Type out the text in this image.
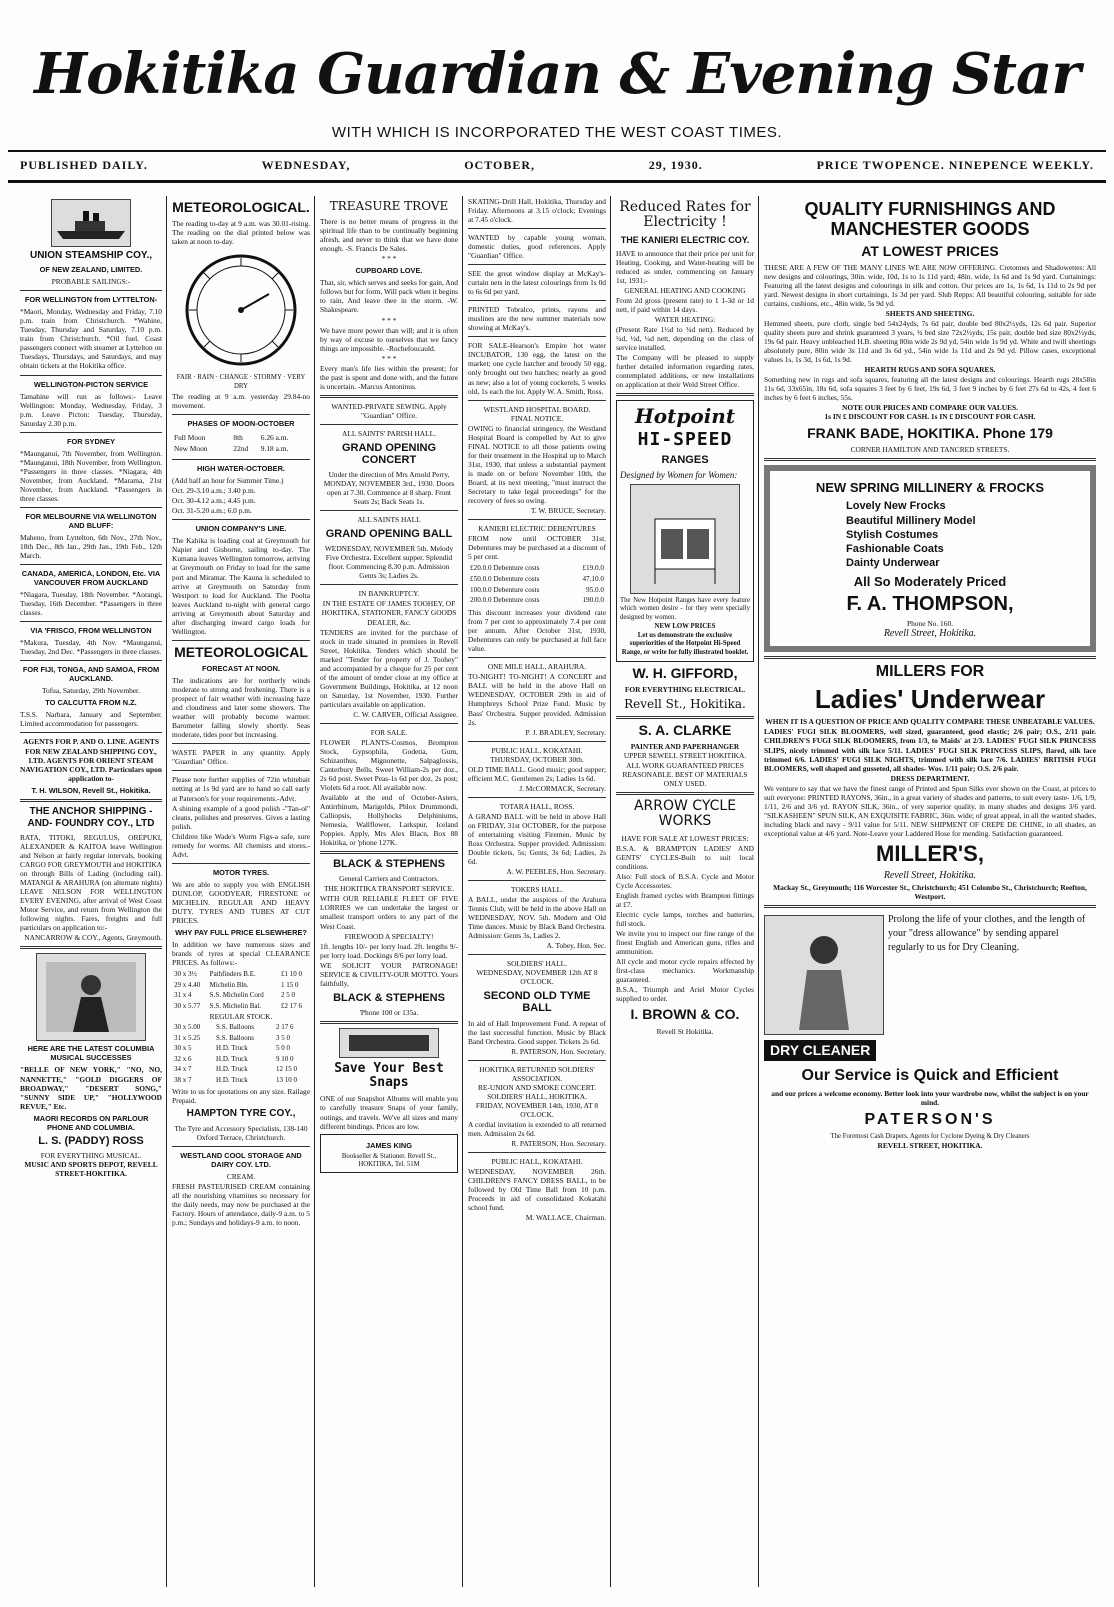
Hokitika Guardian & Evening Star
WITH WHICH IS INCORPORATED THE WEST COAST TIMES.
PUBLISHED DAILY.	WEDNESDAY,	OCTOBER,	29, 1930.	PRICE TWOPENCE. NINEPENCE WEEKLY.
UNION STEAMSHIP COY.,
OF NEW ZEALAND, LIMITED.
PROBABLE SAILINGS:-
FOR WELLINGTON from LYTTELTON-

*Maori, Monday, Wednesday and Friday, 7.10 p.m. train from Christchurch. *Wahine, Tuesday, Thursday and Saturday, 7.10 p.m. train from Christchurch. *Oil fuel. Coast passengers connect with steamer at Lyttelton on Tuesdays, Thursdays, and Saturdays, and may obtain tickets at the Hokitika office.

WELLINGTON-PICTON SERVICE

Tamahine will run as follows:- Leave Wellington: Monday, Wednesday, Friday, 3 p.m. Leave Picton: Tuesday, Thursday, Saturday 2.30 p.m.

FOR SYDNEY

*Maunganui, 7th November, from Wellington. *Maunganui, 18th November, from Wellington. *Passengers in three classes. *Niagara, 4th November, from Auckland. *Marama, 21st November, from Auckland. *Passengers in three classes.

FOR MELBOURNE VIA WELLINGTON AND BLUFF:

Maheno, from Lyttelton, 6th Nov., 27th Nov., 18th Dec., 8th Jan., 29th Jan., 19th Feb., 12th March.

CANADA, AMERICA, LONDON, Etc. VIA VANCOUVER FROM AUCKLAND

*Niagara, Tuesday, 18th November. *Aorangi, Tuesday, 16th December. *Passengers in three classes.

VIA 'FRISCO, FROM WELLINGTON

*Makura, Tuesday, 4th Nov. *Maunganui, Tuesday, 2nd Dec. *Passengers in three classes.

FOR FIJI, TONGA, AND SAMOA, FROM AUCKLAND.

Tofua, Saturday, 29th November.

TO CALCUTTA FROM N.Z.

T.S.S. Narbara, January and September. Limited accommodation for passengers.

AGENTS FOR P. AND O. LINE. AGENTS FOR NEW ZEALAND SHIPPING COY., LTD. AGENTS FOR ORIENT STEAM NAVIGATION COY., LTD. Particulars upon application to-

T. H. WILSON, Revell St., Hokitika.
THE ANCHOR SHIPPING -AND- FOUNDRY COY., LTD

RATA, TITOKI, REGULUS, OREPUKI, ALEXANDER & KAITOA leave Wellington and Nelson at fairly regular intervals, booking CARGO FOR GREYMOUTH and HOKITIKA on through Bills of Lading (including rail). MATANGI & ARAHURA (on alternate nights) LEAVE NELSON FOR WELLINGTON EVERY EVENING, after arrival of West Coast Motor Service, and return from Wellington the following nights. Fares, freights and full particulars on application to:-

NANCARROW & COY., Agents, Greymouth.

HERE ARE THE LATEST COLUMBIA MUSICAL SUCCESSES

"BELLE OF NEW YORK," "NO, NO, NANNETTE," "GOLD DIGGERS OF BROADWAY," "DESERT SONG," "SUNNY SIDE UP," "HOLLYWOOD REVUE," Etc.

MAORI RECORDS ON PARLOUR PHONE AND COLUMBIA.
L. S. (PADDY) ROSS
FOR EVERYTHING MUSICAL.
MUSIC AND SPORTS DEPOT, REVELL STREET-HOKITIKA.
METEOROLOGICAL.

The reading to-day at 9 a.m. was 30.01-rising. The reading on the dial printed below was taken at noon to-day.

FAIR · RAIN · CHANGE · STORMY · VERY DRY

The reading at 9 a.m. yesterday 29.84-no movement.

PHASES OF MOON-OCTOBER
Full Moon	8th	6.26 a.m.
New Moon	22nd	9.18 a.m.
HIGH WATER-OCTOBER.

(Add half an hour for Summer Time.)

Oct. 29-3.10 a.m.; 3.40 p.m.

Oct. 30-4.12 a.m.; 4.45 p.m.

Oct. 31-5.20 a.m.; 6.0 p.m.

UNION COMPANY'S LINE.

The Kahika is loading coal at Greymouth for Napier and Gisborne, sailing to-day. The Kumana leaves Wellington tomorrow, arriving at Greymouth on Friday to load for the same port and Miramar. The Kauna is scheduled to arrive at Greymouth on Saturday from Westport to load for Auckland. The Poolta leaves Auckland to-night with general cargo arriving at Greymouth about Saturday and after discharging inward cargo loads for Wellington.

METEOROLOGICAL
FORECAST AT NOON.

The indications are for northerly winds moderate to strong and freshening. There is a prospect of fair weather with increasing haze and cloudiness and later some showers. The weather will probably become warmer. Barometer falling slowly shortly. Seas moderate, tides poor but increasing.

WASTE PAPER in any quantity. Apply "Guardian" Office.

Please note further supplies of 72in whitebait netting at 1s 9d yard are to hand so call early at Paterson's for your requirements.-Advt.

A shining example of a good polish -"Tan-ol" cleans, polishes and preserves. Gives a lasting polish.

Children like Wade's Worm Figs-a safe, sure remedy for worms. All chemists and stores.-Advt.

MOTOR TYRES.

We are able to supply you with ENGLISH DUNLOP, GOODYEAR, FIRESTONE or MICHELIN. REGULAR AND HEAVY DUTY. TYRES AND TUBES AT CUT PRICES.

WHY PAY FULL PRICE ELSEWHERE?

In addition we have numerous sizes and brands of tyres at special CLEARANCE PRICES. As follows:-

30 x 3½	Pathfinders B.E.	£1 10 0
29 x 4.40	Michelin Bln.	1 15 0
31 x 4	S.S. Michelin Cord	2 5 0
30 x 5.77	S.S. Michelin Bal.	£2 17 6
REGULAR STOCK.
30 x 5.00	S.S. Balloons	2 17 6
31 x 5.25	S.S. Balloons	3 5 0
30 x 5	H.D. Truck	5 0 0
32 x 6	H.D. Truck	9 10 0
34 x 7	H.D. Truck	12 15 0
38 x 7	H.D. Truck	13 10 0

Write to us for quotations on any size. Railage Prepaid.

HAMPTON TYRE COY.,

The Tyre and Accessory Specialists, 138-140 Oxford Terrace, Christchurch.

WESTLAND COOL STORAGE AND DAIRY COY. LTD.
CREAM.

FRESH PASTEURISED CREAM containing all the nourishing vitamines so necessary for the daily needs, may now be purchased at the Factory. Hours of attendance, daily-9 a.m. to 5 p.m.; Sundays and holidays-9 a.m. to noon.

TREASURE TROVE

There is no better means of progress in the spiritual life than to be continually beginning afresh, and never to think that we have done enough. -S. Francis De Sales.

* * *
CUPBOARD LOVE.

That, sir, which serves and seeks for gain, And follows but for form, Will pack when it begins to rain, And leave thee in the storm. -W. Shakespeare.

* * *

We have more power than will; and it is often by way of excuse to ourselves that we fancy things are impossible. -Rochefoucauld.

* * *

Every man's life lies within the present; for the past is spent and done with, and the future is uncertain. -Marcus Antoninus.

WANTED-PRIVATE SEWING. Apply "Guardian" Office.

ALL SAINTS' PARISH HALL.
GRAND OPENING CONCERT

Under the direction of Mrs Arnold Perry, MONDAY, NOVEMBER 3rd., 1930. Doors open at 7.30. Commence at 8 sharp. Front Seats 2s; Back Seats 1s.

ALL SAINTS HALL
GRAND OPENING BALL

WEDNESDAY, NOVEMBER 5th. Melody Five Orchestra. Excellent supper. Splendid floor. Commencing 8.30 p.m. Admission Gents 3s; Ladies 2s.

IN BANKRUPTCY.

IN THE ESTATE OF JAMES TOOHEY, OF HOKITIKA, STATIONER, FANCY GOODS DEALER, &c.

TENDERS are invited for the purchase of stock in trade situated in premises in Revell Street, Hokitika. Tenders which should be marked "Tender for property of J. Toohey" and accompanied by a cheque for 25 per cent of the amount of tender close at my office at Government Buildings, Hokitika, at 12 noon on Saturday, 1st November, 1930. Further particulars available on application.

C. W. CARVER, Official Assignee.

FOR SALE.

FLOWER PLANTS-Cosmos, Brompton Stock, Gypsophila, Godetia, Gum, Schizanthus, Mignonette, Salpaglossis, Canterbury Bells, Sweet William-2s per doz., 2s 6d post. Sweet Peas-1s 6d per doz, 2s post; Violets 6d a root. All available now.

Available at the end of October-Asters, Antirrhinum, Marigolds, Phlox Drummondi, Calliopsis, Hollyhocks Delphiniums, Nemesia, Wallflower, Larkspur, Iceland Poppies. Apply, Mrs Alex Blacn, Box 88 Hokitika, or 'phone 127K.

BLACK & STEPHENS

General Carriers and Contractors.

THE HOKITIKA TRANSPORT SERVICE.

WITH OUR RELIABLE FLEET OF FIVE LORRIES we can undertake the largest or smallest transport orders to any part of the West Coast.

FIREWOOD A SPECIALTY!

1ft. lengths 10/- per lorry load. 2ft. lengths 9/- per lorry load. Dockings 8/6 per lorry load.

WE SOLICIT YOUR PATRONAGE! SERVICE & CIVILITY-OUR MOTTO. Yours faithfully,

BLACK & STEPHENS

'Phone 100 or 135a.

Save Your Best Snaps

ONE of our Snapshot Albums will enable you to carefully treasure Snaps of your family, outings, and travels. We've all sizes and many different bindings. Prices are low.

JAMES KING
Bookseller & Stationer. Revell St., HOKITIKA, Tel. 51M

SKATING-Drill Hall, Hokitika, Thursday and Friday. Afternoons at 3.15 o'clock; Evenings at 7.45 o'clock.

WANTED by capable young woman, domestic duties, good references. Apply "Guardian" Office.

SEE the great window display at McKay's-curtain nets in the latest colourings from 1s 0d to 6s 6d per yard.

PRINTED Tobralco, prints, rayons and muslines are the new summer materials now showing at McKay's.

FOR SALE-Hearson's Empire hot water INCUBATOR, 130 egg, the latest on the market; one cycle hatcher and broody 50 egg, only brought out two hatches; nearly as good as new; also a lot of young cockerels, 5 weeks old, 1s each the lot. Apply W. A. Smith, Ross.

WESTLAND HOSPITAL BOARD.
FINAL NOTICE.

OWING to financial stringency, the Westland Hospital Board is compelled by Act to give FINAL NOTICE to all those patients owing for their treatment in the Hospital up to March 31st, 1930, that unless a substantial payment is made on or before November 10th, the Board, at its next meeting, "must instruct the Secretary to take legal proceedings" for the recovery of fees so owing.

T. W. BRUCE, Secretary.

KANIERI ELECTRIC DEBENTURES

FROM now until OCTOBER 31st. Debentures may be purchased at a discount of 5 per cent.

£20.0.0 Debenture costs	£19.0.0
£50.0.0 Debenture costs	47.10.0
100.0.0 Debenture costs	95.0.0
200.0.0 Debenture costs	190.0.0

This discount increases your dividend rate from 7 per cent to approximately 7.4 per cent per annum. After October 31st, 1930, Debentures can only be purchased at full face value.

ONE MILE HALL, ARAHURA.

TO-NIGHT! TO-NIGHT! A CONCERT and BALL will be held in the above Hall on WEDNESDAY, OCTOBER 29th in aid of Humphreys School Prize Fund. Music by Bass' Orchestra. Supper provided. Admission 2s.

P. J. BRADLEY, Secretary.

PUBLIC HALL, KOKATAHI.
THURSDAY, OCTOBER 30th.

OLD TIME BALL. Good music; good supper; efficient M.C. Gentlemen 2s; Ladies 1s 6d.

J. McCORMACK, Secretary.

TOTARA HALL, ROSS.

A GRAND BALL will be held in above Hall on FRIDAY, 31st OCTOBER, for the purpose of entertaining visiting Firemen. Music by Ross Orchestra. Supper provided. Admission: Double tickets, 5s; Gents, 3s 6d; Ladies, 2s 6d.

A. W. PEEBLES, Hon. Secretary.

TOKERS HALL.

A BALL, under the auspices of the Arahura Tennis Club, will be held in the above Hall on WEDNESDAY, NOV. 5th. Modern and Old Time dances. Music by Black Band Orchestra. Admission: Gents 3s, Ladies 2.

A. Tobey, Hon. Sec.

SOLDIERS' HALL.
WEDNESDAY, NOVEMBER 12th AT 8 O'CLOCK.
SECOND OLD TYME BALL

In aid of Hall Improvement Fund. A repeat of the last successful function. Music by Black Band Orchestra. Good supper. Tickets 2s 6d.

R. PATERSON, Hon. Secretary.

HOKITIKA RETURNED SOLDIERS' ASSOCIATION.
RE-UNION AND SMOKE CONCERT.
SOLDIERS' HALL, HOKITIKA.
FRIDAY, NOVEMBER 14th, 1930, AT 8 O'CLOCK.

A cordial invitation is extended to all returned men. Admission 2s 6d.

R. PATERSON, Hon. Secretary.

PUBLIC HALL, KOKATAHI.

WEDNESDAY, NOVEMBER 26th. CHILDREN'S FANCY DRESS BALL, to be followed by Old Time Ball from 10 p.m. Proceeds in aid of consolidated Kokatahi school fund.

M. WALLACE, Chairman.

Reduced Rates for Electricity !
THE KANIERI ELECTRIC COY.

HAVE to announce that their price per unit for Heating, Cooking, and Water-heating will be reduced as under, commencing on January 1st, 1931:-

GENERAL HEATING AND COOKING

From 2d gross (present rate) to 1 1-3d or 1d nett, if paid within 14 days.

WATER HEATING:

(Present Rate 1½d to ¾d nett). Reduced by ¼d, ½d, ¼d nett, depending on the class of service installed.

The Company will be pleased to supply further detailed information regarding rates, contemplated additions, or new installations on application at their Weld Street Office.

Hotpoint
HI-SPEED
RANGES

Designed by Women for Women:

The New Hotpoint Ranges have every feature which women desire - for they were specially designed by women.

NEW LOW PRICES

Let us demonstrate the exclusive superiorities of the Hotpoint Hi-Speed Range, or write for fully illustrated booklet.

W. H. GIFFORD,
FOR EVERYTHING ELECTRICAL.
Revell St., Hokitika.
S. A. CLARKE
PAINTER AND PAPERHANGER
UPPER SEWELL STREET HOKITIKA.

ALL WORK GUARANTEED PRICES REASONABLE. BEST OF MATERIALS ONLY USED.

ARROW CYCLE WORKS
HAVE FOR SALE AT LOWEST PRICES:

B.S.A. & BRAMPTON LADIES' AND GENTS' CYCLES-Built to suit local conditions.

Also: Full stock of B.S.A. Cycle and Motor Cycle Accessories.

English framed cycles with Brampton fittings at £7.

Electric cycle lamps, torches and batteries, full stock.

We invite you to inspect our fine range of the finest English and American guns, rifles and ammunition.

All cycle and motor cycle repairs effected by first-class mechanics. Workmanship guaranteed.

B.S.A., Triumph and Ariel Motor Cycles supplied to order.

I. BROWN & CO.
Revell St Hokitika.
QUALITY FURNISHINGS AND MANCHESTER GOODS
AT LOWEST PRICES

THESE ARE A FEW OF THE MANY LINES WE ARE NOW OFFERING. Cretonnes and Shadowettes: All new designs and colourings, 30in. wide, 10d, 1s to 1s 11d yard; 48in. wide, 1s 6d and 1s 9d yard. Curtainings: Featuring all the latest designs and colourings in silk and cotton. Our prices are 1s, 1s 6d, 1s 11d to 2s 9d per yard. Newest designs in short curtainings, 1s 3d per yard. Slub Repps: All beautiful colouring, suitable for side curtains, cushions, etc., 48in wide, 5s 9d yd.

SHEETS AND SHEETING.

Hemmed sheets, pure cloth, single bed 54x24yds, 7s 6d pair, double bed 80x2½yds, 12s 6d pair. Superior quality sheets pure and shrink guaranteed 3 years, ¾ bed size 72x2½yds, 15s pair, double bed size 80x2½yds, 19s 6d pair. Heavy unbleached H.B. sheeting 80in wide 2s 9d yd, 54in wide 1s 9d yd. White and twill sheetings absolutely pure, 80in wide 3s 11d and 3s 6d yd., 54in wide 1s 11d and 2s 9d yd. Pillow cases, exceptional values 1s, 1s 3d, 1s 6d, 1s 9d.

HEARTH RUGS AND SOFA SQUARES.

Something new in rugs and sofa squares, featuring all the latest designs and colourings. Hearth rugs 28x58in 11s 6d, 33x65in, 18s 6d, sofa squares 3 feet by 6 feet, 19s 6d, 3 feet 9 inches by 6 feet 27s 6d to 42s, 4 feet 6 inches by 6 feet 6 inches, 55s.

NOTE OUR PRICES AND COMPARE OUR VALUES.
1s IN £ DISCOUNT FOR CASH. 1s IN £ DISCOUNT FOR CASH.
FRANK BADE, HOKITIKA. Phone 179
CORNER HAMILTON AND TANCRED STREETS.
NEW SPRING MILLINERY & FROCKS
Lovely New Frocks
Beautiful Millinery Model
Stylish Costumes
Fashionable Coats
Dainty Underwear
All So Moderately Priced
F. A. THOMPSON,
Phone No. 160.
Revell Street, Hokitika.
MILLERS FOR
Ladies' Underwear
WHEN IT IS A QUESTION OF PRICE AND QUALITY COMPARE THESE UNBEATABLE VALUES.

LADIES' FUGI SILK BLOOMERS, well sized, guaranteed, good elastic; 2/6 pair; O.S., 2/11 pair. CHILDREN'S FUGI SILK BLOOMERS, from 1/3, to Maids' at 2/3. LADIES' FUGI SILK PRINCESS SLIPS, nicely trimmed with silk lace 5/11. LADIES' FUGI SILK PRINCESS SLIPS, flared, silk lace trimmed 6/6. LADIES' FUGI SILK NIGHTS, trimmed with silk lace 7/6. LADIES' BRITISH FUGI BLOOMERS, well shaped and gusseted, all shades- Wos. 1/11 pair; O.S. 2/6 pair.

DRESS DEPARTMENT.

We venture to say that we have the finest range of Printed and Spun Silks ever shown on the Coast, at prices to suit everyone: PRINTED RAYONS, 36in., in a great variety of shades and patterns, to suit every taste- 1/6, 1/9, 1/11, 2/6 and 3/6 yd. RAYON SILK, 36in., of very superior quality, in many shades and designs 3/6 yard. "SILKASHEEN" SPUN SILK, AN EXQUISITE FABRIC, 36in. wide; of great appeal, in all the wanted shades, including black and navy - 9/11 value for 5/11. NEW SHIPMENT OF CREPE DE CHINE, in all shades, an exceptional value at 4/6 yard. Note-Leave your Laddered Hose for mending. Satisfaction guaranteed.

MILLER'S,
Revell Street, Hokitika.

Mackay St., Greymouth; 116 Worcester St., Christchurch; 451 Colombo St., Christchurch; Reefton, Westport.

Prolong the life of your clothes, and the length of your "dress allowance" by sending apparel regularly to us for Dry Cleaning.

DRY CLEANER
Our Service is Quick and Efficient

and our prices a welcome economy. Better look into your wardrobe now, whilst the subject is on your mind.

PATERSON'S
The Foremost Cash Drapers. Agents for Cyclone Dyeing & Dry Cleaners
REVELL STREET, HOKITIKA.
